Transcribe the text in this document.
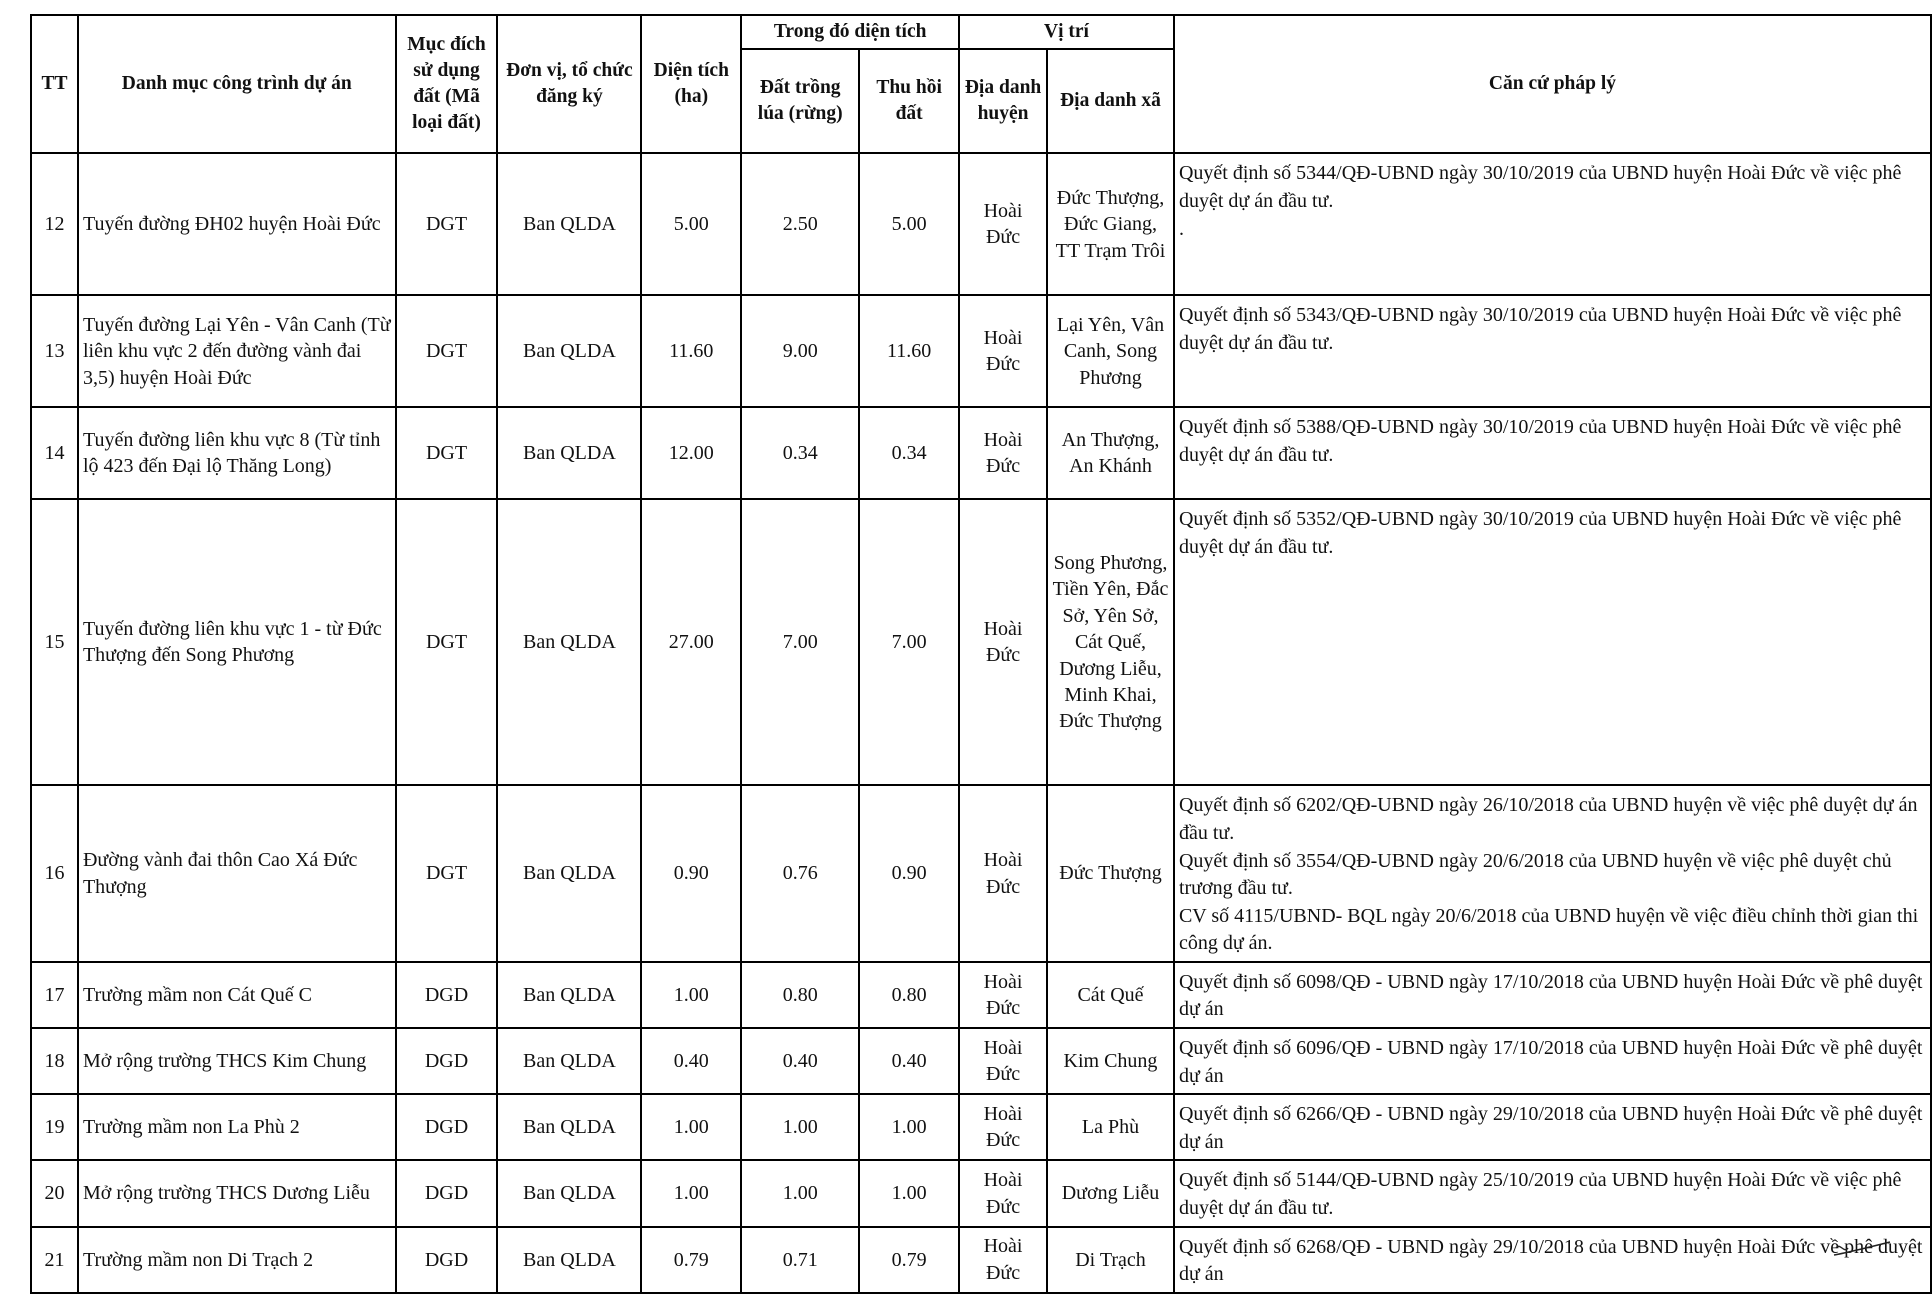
TT	Danh mục công trình dự án	Mục đích sử dụng đất (Mã loại đất)	Đơn vị, tổ chức đăng ký	Diện tích (ha)	Trong đó diện tích		Vị trí		Căn cứ pháp lý
					Đất trồng lúa (rừng)	Thu hồi đất	Địa danh huyện	Địa danh xã	
12	Tuyến đường ĐH02 huyện Hoài Đức	DGT	Ban QLDA	5.00	2.50	5.00	Hoài Đức	Đức Thượng, Đức Giang, TT Trạm Trôi	Quyết định số 5344/QĐ-UBND ngày 30/10/2019 của UBND huyện Hoài Đức về việc phê duyệt dự án đầu tư.
.

13	Tuyến đường Lại Yên - Vân Canh (Từ liên khu vực 2 đến đường vành đai 3,5) huyện Hoài Đức	DGT	Ban QLDA	11.60	9.00	11.60	Hoài Đức	Lại Yên, Vân Canh, Song Phương	Quyết định số 5343/QĐ-UBND ngày 30/10/2019 của UBND huyện Hoài Đức về việc phê duyệt dự án đầu tư.

14	Tuyến đường liên khu vực 8 (Từ tỉnh lộ 423 đến Đại lộ Thăng Long)	DGT	Ban QLDA	12.00	0.34	0.34	Hoài Đức	An Thượng, An Khánh	Quyết định số 5388/QĐ-UBND ngày 30/10/2019 của UBND huyện Hoài Đức về việc phê duyệt dự án đầu tư.

15	Tuyến đường liên khu vực 1 - từ Đức Thượng đến Song Phương	DGT	Ban QLDA	27.00	7.00	7.00	Hoài Đức	Song Phương, Tiền Yên, Đắc Sở, Yên Sở, Cát Quế, Dương Liễu, Minh Khai, Đức Thượng	Quyết định số 5352/QĐ-UBND ngày 30/10/2019 của UBND huyện Hoài Đức về việc phê duyệt dự án đầu tư.

16	Đường vành đai thôn Cao Xá Đức Thượng	DGT	Ban QLDA	0.90	0.76	0.90	Hoài Đức	Đức Thượng	Quyết định số 6202/QĐ-UBND ngày 26/10/2018 của UBND huyện về việc phê duyệt dự án đầu tư.
Quyết định số 3554/QĐ-UBND ngày 20/6/2018 của UBND huyện về việc phê duyệt chủ trương đầu tư.
CV số 4115/UBND- BQL ngày 20/6/2018 của UBND huyện về việc điều chỉnh thời gian thi công dự án.

17	Trường mầm non Cát Quế C	DGD	Ban QLDA	1.00	0.80	0.80	Hoài Đức	Cát Quế	Quyết định số 6098/QĐ - UBND ngày 17/10/2018 của UBND huyện Hoài Đức về phê duyệt dự án

18	Mở rộng trường THCS Kim Chung	DGD	Ban QLDA	0.40	0.40	0.40	Hoài Đức	Kim Chung	Quyết định số 6096/QĐ - UBND ngày 17/10/2018 của UBND huyện Hoài Đức về phê duyệt dự án

19	Trường mầm non La Phù 2	DGD	Ban QLDA	1.00	1.00	1.00	Hoài Đức	La Phù	Quyết định số 6266/QĐ - UBND ngày 29/10/2018 của UBND huyện Hoài Đức về phê duyệt dự án

20	Mở rộng trường THCS Dương Liễu	DGD	Ban QLDA	1.00	1.00	1.00	Hoài Đức	Dương Liễu	Quyết định số 5144/QĐ-UBND ngày 25/10/2019 của UBND huyện Hoài Đức về việc phê duyệt dự án đầu tư.

21	Trường mầm non Di Trạch 2	DGD	Ban QLDA	0.79	0.71	0.79	Hoài Đức	Di Trạch	Quyết định số 6268/QĐ - UBND ngày 29/10/2018 của UBND huyện Hoài Đức về phê duyệt dự án
